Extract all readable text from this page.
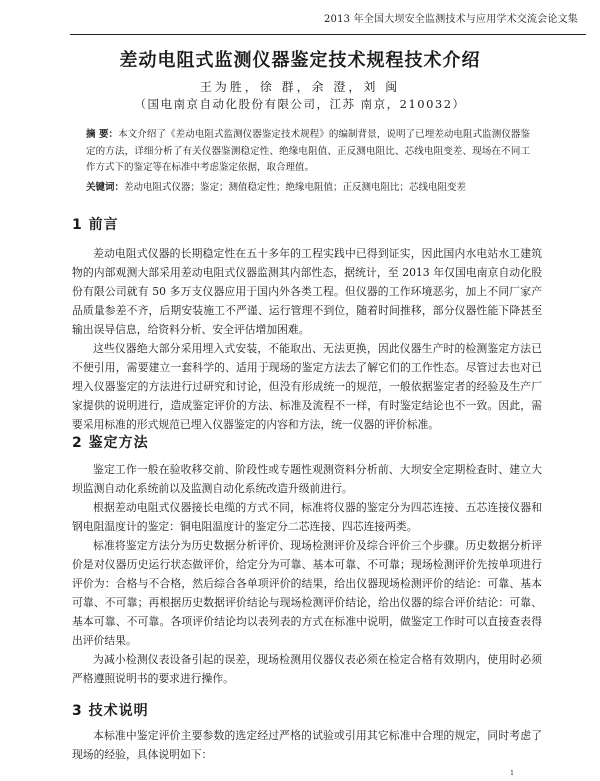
2013 年全国大坝安全监测技术与应用学术交流会论文集
差动电阻式监测仪器鉴定技术规程技术介绍
王为胜，徐 群，余 澄，刘 闽
（国电南京自动化股份有限公司，江苏 南京，210032）
摘 要：本文介绍了《差动电阻式监测仪器鉴定技术规程》的编制背景，说明了已埋差动电阻式监测仪器鉴定的方法，详细分析了有关仪器鉴测稳定性、绝缘电阻值、正反测电阻比、芯线电阻变差、现场在不同工作方式下的鉴定等在标准中考虑鉴定依据，取合理值。
关键词：差动电阻式仪器；鉴定；测值稳定性；绝缘电阻值；正反测电阻比；芯线电阻变差
1 前言

差动电阻式仪器的长期稳定性在五十多年的工程实践中已得到证实，因此国内水电站水工建筑物的内部观测大部采用差动电阻式仪器监测其内部性态，据统计，至 2013 年仅国电南京自动化股份有限公司就有 50 多万支仪器应用于国内外各类工程。但仪器的工作环境恶劣，加上不同厂家产品质量参差不齐，后期安装施工不严谨、运行管理不到位，随着时间推移，部分仪器性能下降甚至输出误导信息，给资料分析、安全评估增加困难。

这些仪器绝大部分采用埋入式安装，不能取出、无法更换，因此仪器生产时的检测鉴定方法已不便引用，需要建立一套科学的、适用于现场的鉴定方法去了解它们的工作性态。尽管过去也对已埋入仪器鉴定的方法进行过研究和讨论，但没有形成统一的规范，一般依据鉴定者的经验及生产厂家提供的说明进行，造成鉴定评价的方法、标准及流程不一样，有时鉴定结论也不一致。因此，需要采用标准的形式规范已埋入仪器鉴定的内容和方法，统一仪器的评价标准。

2 鉴定方法

鉴定工作一般在验收移交前、阶段性或专题性观测资料分析前、大坝安全定期检查时、建立大坝监测自动化系统前以及监测自动化系统改造升级前进行。

根据差动电阻式仪器接长电缆的方式不同，标准将仪器的鉴定分为四芯连接、五芯连接仪器和钢电阻温度计的鉴定：铜电阻温度计的鉴定分二芯连接、四芯连接两类。

标准将鉴定方法分为历史数据分析评价、现场检测评价及综合评价三个步骤。历史数据分析评价是对仪器历史运行状态做评价，给定分为可靠、基本可靠、不可靠；现场检测评价先按单项进行评价为：合格与不合格，然后综合各单项评价的结果，给出仪器现场检测评价的结论：可靠、基本可靠、不可靠；再根据历史数据评价结论与现场检测评价结论，给出仪器的综合评价结论：可靠、基本可靠、不可靠。各项评价结论均以表列表的方式在标准中说明，做鉴定工作时可以直接查表得出评价结果。

为减小检测仪表设备引起的误差，现场检测用仪器仪表必须在检定合格有效期内，使用时必须严格遵照说明书的要求进行操作。

3 技术说明

本标准中鉴定评价主要参数的选定经过严格的试验或引用其它标准中合理的规定，同时考虑了现场的经验，具体说明如下：

1
